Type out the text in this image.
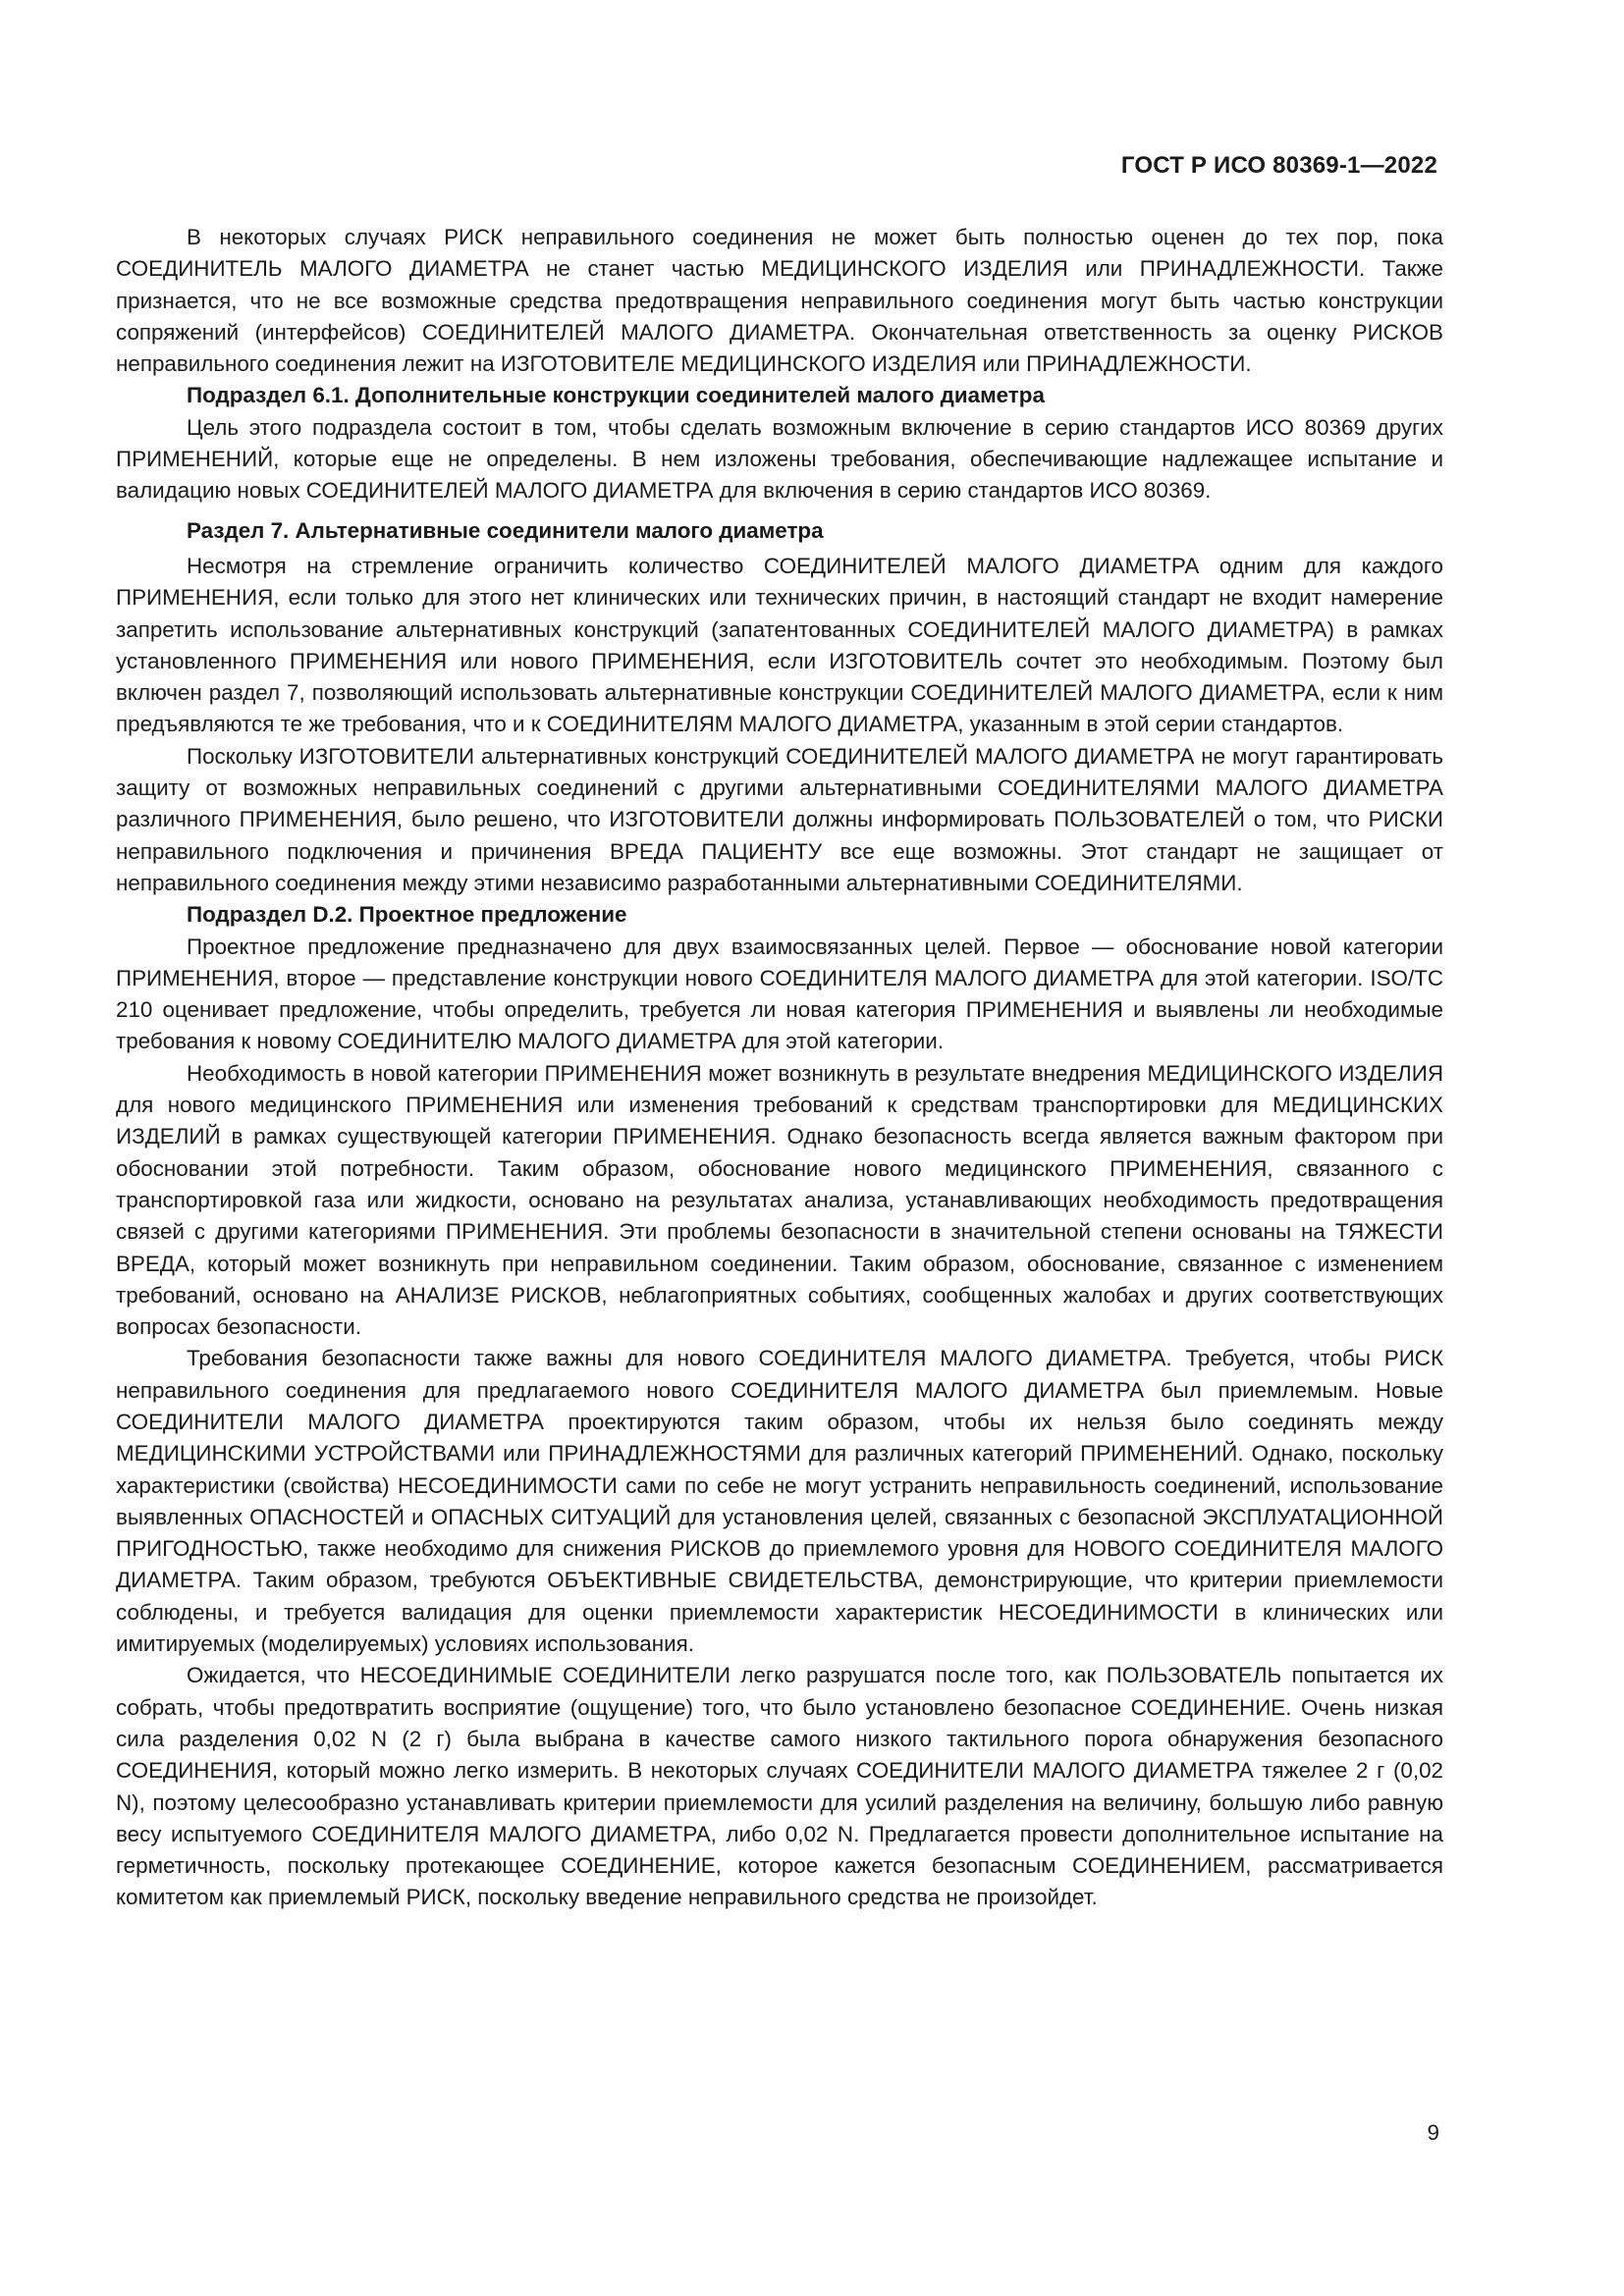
ГОСТ Р ИСО 80369-1—2022

В некоторых случаях РИСК неправильного соединения не может быть полностью оценен до тех пор, пока СОЕДИНИТЕЛЬ МАЛОГО ДИАМЕТРА не станет частью МЕДИЦИНСКОГО ИЗДЕЛИЯ или ПРИНАДЛЕЖНОСТИ. Также признается, что не все возможные средства предотвращения неправильного соединения могут быть частью конструкции сопряжений (интерфейсов) СОЕДИНИТЕЛЕЙ МАЛОГО ДИАМЕТРА. Окончательная ответственность за оценку РИСКОВ неправильного соединения лежит на ИЗГОТОВИТЕЛЕ МЕДИЦИНСКОГО ИЗДЕЛИЯ или ПРИНАДЛЕЖНОСТИ.

Подраздел 6.1. Дополнительные конструкции соединителей малого диаметра

Цель этого подраздела состоит в том, чтобы сделать возможным включение в серию стандартов ИСО 80369 других ПРИМЕНЕНИЙ, которые еще не определены. В нем изложены требования, обеспечивающие надлежащее испытание и валидацию новых СОЕДИНИТЕЛЕЙ МАЛОГО ДИАМЕТРА для включения в серию стандартов ИСО 80369.

Раздел 7. Альтернативные соединители малого диаметра

Несмотря на стремление ограничить количество СОЕДИНИТЕЛЕЙ МАЛОГО ДИАМЕТРА одним для каждого ПРИМЕНЕНИЯ, если только для этого нет клинических или технических причин, в настоящий стандарт не входит намерение запретить использование альтернативных конструкций (запатентованных СОЕДИНИТЕЛЕЙ МАЛОГО ДИАМЕТРА) в рамках установленного ПРИМЕНЕНИЯ или нового ПРИМЕНЕНИЯ, если ИЗГОТОВИТЕЛЬ сочтет это необходимым. Поэтому был включен раздел 7, позволяющий использовать альтернативные конструкции СОЕДИНИТЕЛЕЙ МАЛОГО ДИАМЕТРА, если к ним предъявляются те же требования, что и к СОЕДИНИТЕЛЯМ МАЛОГО ДИАМЕТРА, указанным в этой серии стандартов.

Поскольку ИЗГОТОВИТЕЛИ альтернативных конструкций СОЕДИНИТЕЛЕЙ МАЛОГО ДИАМЕТРА не могут гарантировать защиту от возможных неправильных соединений с другими альтернативными СОЕДИНИТЕЛЯМИ МАЛОГО ДИАМЕТРА различного ПРИМЕНЕНИЯ, было решено, что ИЗГОТОВИТЕЛИ должны информировать ПОЛЬЗОВАТЕЛЕЙ о том, что РИСКИ неправильного подключения и причинения ВРЕДА ПАЦИЕНТУ все еще возможны. Этот стандарт не защищает от неправильного соединения между этими независимо разработанными альтернативными СОЕДИНИТЕЛЯМИ.

Подраздел D.2. Проектное предложение

Проектное предложение предназначено для двух взаимосвязанных целей. Первое — обоснование новой категории ПРИМЕНЕНИЯ, второе — представление конструкции нового СОЕДИНИТЕЛЯ МАЛОГО ДИАМЕТРА для этой категории. ISO/TC 210 оценивает предложение, чтобы определить, требуется ли новая категория ПРИМЕНЕНИЯ и выявлены ли необходимые требования к новому СОЕДИНИТЕЛЮ МАЛОГО ДИАМЕТРА для этой категории.

Необходимость в новой категории ПРИМЕНЕНИЯ может возникнуть в результате внедрения МЕДИЦИНСКОГО ИЗДЕЛИЯ для нового медицинского ПРИМЕНЕНИЯ или изменения требований к средствам транспортировки для МЕДИЦИНСКИХ ИЗДЕЛИЙ в рамках существующей категории ПРИМЕНЕНИЯ. Однако безопасность всегда является важным фактором при обосновании этой потребности. Таким образом, обоснование нового медицинского ПРИМЕНЕНИЯ, связанного с транспортировкой газа или жидкости, основано на результатах анализа, устанавливающих необходимость предотвращения связей с другими категориями ПРИМЕНЕНИЯ. Эти проблемы безопасности в значительной степени основаны на ТЯЖЕСТИ ВРЕДА, который может возникнуть при неправильном соединении. Таким образом, обоснование, связанное с изменением требований, основано на АНАЛИЗЕ РИСКОВ, неблагоприятных событиях, сообщенных жалобах и других соответствующих вопросах безопасности.

Требования безопасности также важны для нового СОЕДИНИТЕЛЯ МАЛОГО ДИАМЕТРА. Требуется, чтобы РИСК неправильного соединения для предлагаемого нового СОЕДИНИТЕЛЯ МАЛОГО ДИАМЕТРА был приемлемым. Новые СОЕДИНИТЕЛИ МАЛОГО ДИАМЕТРА проектируются таким образом, чтобы их нельзя было соединять между МЕДИЦИНСКИМИ УСТРОЙСТВАМИ или ПРИНАДЛЕЖНОСТЯМИ для различных категорий ПРИМЕНЕНИЙ. Однако, поскольку характеристики (свойства) НЕСОЕДИНИМОСТИ сами по себе не могут устранить неправильность соединений, использование выявленных ОПАСНОСТЕЙ и ОПАСНЫХ СИТУАЦИЙ для установления целей, связанных с безопасной ЭКСПЛУАТАЦИОННОЙ ПРИГОДНОСТЬЮ, также необходимо для снижения РИСКОВ до приемлемого уровня для НОВОГО СОЕДИНИТЕЛЯ МАЛОГО ДИАМЕТРА. Таким образом, требуются ОБЪЕКТИВНЫЕ СВИДЕТЕЛЬСТВА, демонстрирующие, что критерии приемлемости соблюдены, и требуется валидация для оценки приемлемости характеристик НЕСОЕДИНИМОСТИ в клинических или имитируемых (моделируемых) условиях использования.

Ожидается, что НЕСОЕДИНИМЫЕ СОЕДИНИТЕЛИ легко разрушатся после того, как ПОЛЬЗОВАТЕЛЬ попытается их собрать, чтобы предотвратить восприятие (ощущение) того, что было установлено безопасное СОЕДИНЕНИЕ. Очень низкая сила разделения 0,02 N (2 г) была выбрана в качестве самого низкого тактильного порога обнаружения безопасного СОЕДИНЕНИЯ, который можно легко измерить. В некоторых случаях СОЕДИНИТЕЛИ МАЛОГО ДИАМЕТРА тяжелее 2 г (0,02 N), поэтому целесообразно устанавливать критерии приемлемости для усилий разделения на величину, большую либо равную весу испытуемого СОЕДИНИТЕЛЯ МАЛОГО ДИАМЕТРА, либо 0,02 N. Предлагается провести дополнительное испытание на герметичность, поскольку протекающее СОЕДИНЕНИЕ, которое кажется безопасным СОЕДИНЕНИЕМ, рассматривается комитетом как приемлемый РИСК, поскольку введение неправильного средства не произойдет.

9
